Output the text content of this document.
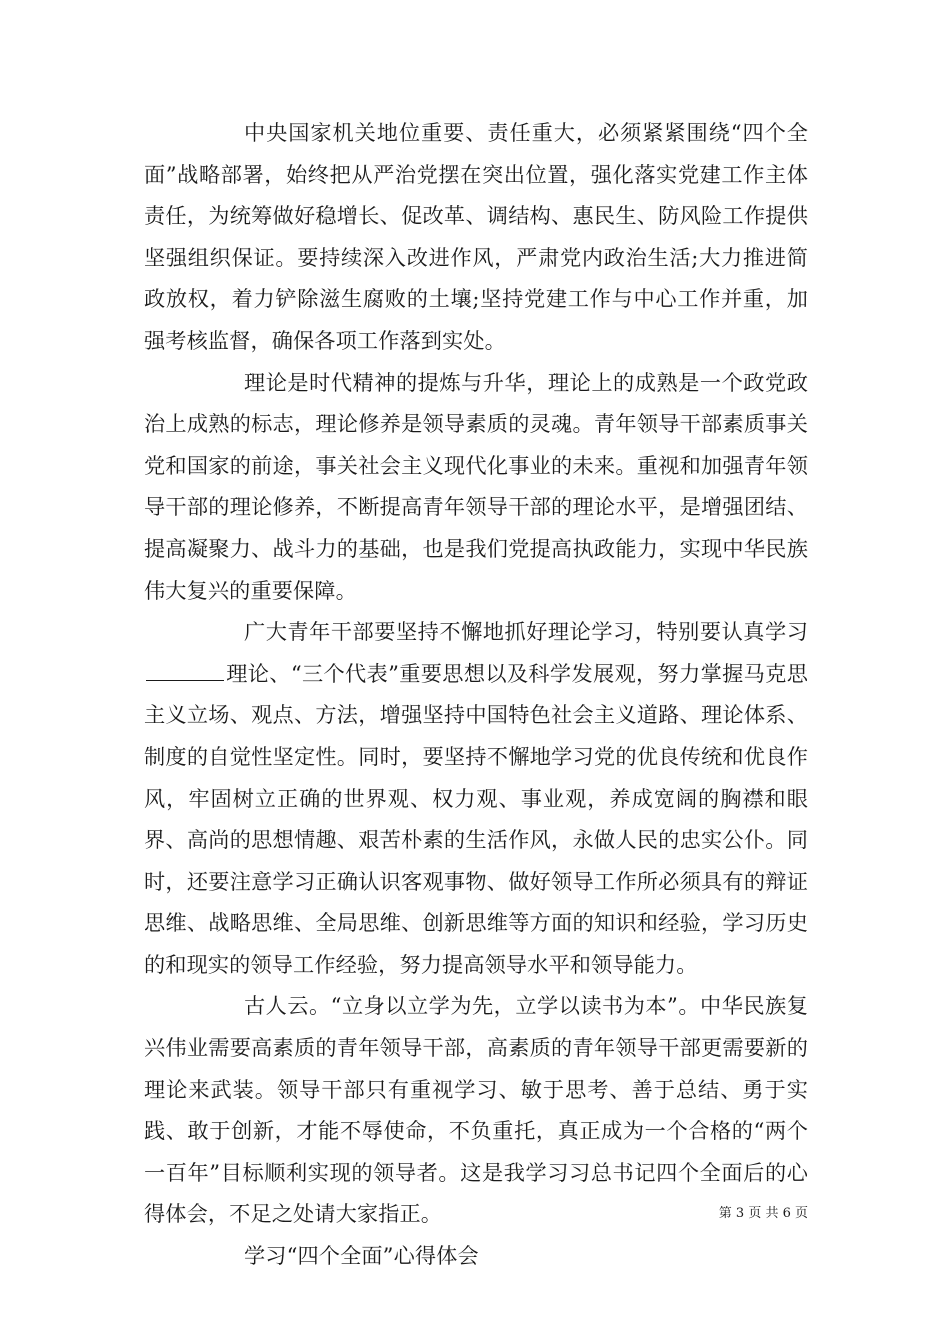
中央国家机关地位重要、责任重大，必须紧紧围绕“四个全面”战略部署，始终把从严治党摆在突出位置，强化落实党建工作主体责任，为统筹做好稳增长、促改革、调结构、惠民生、防风险工作提供坚强组织保证。要持续深入改进作风，严肃党内政治生活;大力推进简政放权，着力铲除滋生腐败的土壤;坚持党建工作与中心工作并重，加强考核监督，确保各项工作落到实处。

理论是时代精神的提炼与升华，理论上的成熟是一个政党政治上成熟的标志，理论修养是领导素质的灵魂。青年领导干部素质事关党和国家的前途，事关社会主义现代化事业的未来。重视和加强青年领导干部的理论修养，不断提高青年领导干部的理论水平，是增强团结、提高凝聚力、战斗力的基础，也是我们党提高执政能力，实现中华民族伟大复兴的重要保障。

广大青年干部要坚持不懈地抓好理论学习，特别要认真学习理论、“三个代表”重要思想以及科学发展观，努力掌握马克思主义立场、观点、方法，增强坚持中国特色社会主义道路、理论体系、制度的自觉性坚定性。同时，要坚持不懈地学习党的优良传统和优良作风，牢固树立正确的世界观、权力观、事业观，养成宽阔的胸襟和眼界、高尚的思想情趣、艰苦朴素的生活作风，永做人民的忠实公仆。同时，还要注意学习正确认识客观事物、做好领导工作所必须具有的辩证思维、战略思维、全局思维、创新思维等方面的知识和经验，学习历史的和现实的领导工作经验，努力提高领导水平和领导能力。

古人云。“立身以立学为先，立学以读书为本”。中华民族复兴伟业需要高素质的青年领导干部，高素质的青年领导干部更需要新的理论来武装。领导干部只有重视学习、敏于思考、善于总结、勇于实践、敢于创新，才能不辱使命，不负重托，真正成为一个合格的“两个一百年”目标顺利实现的领导者。这是我学习习总书记四个全面后的心得体会，不足之处请大家指正。

学习“四个全面”心得体会

第 3 页 共 6 页
